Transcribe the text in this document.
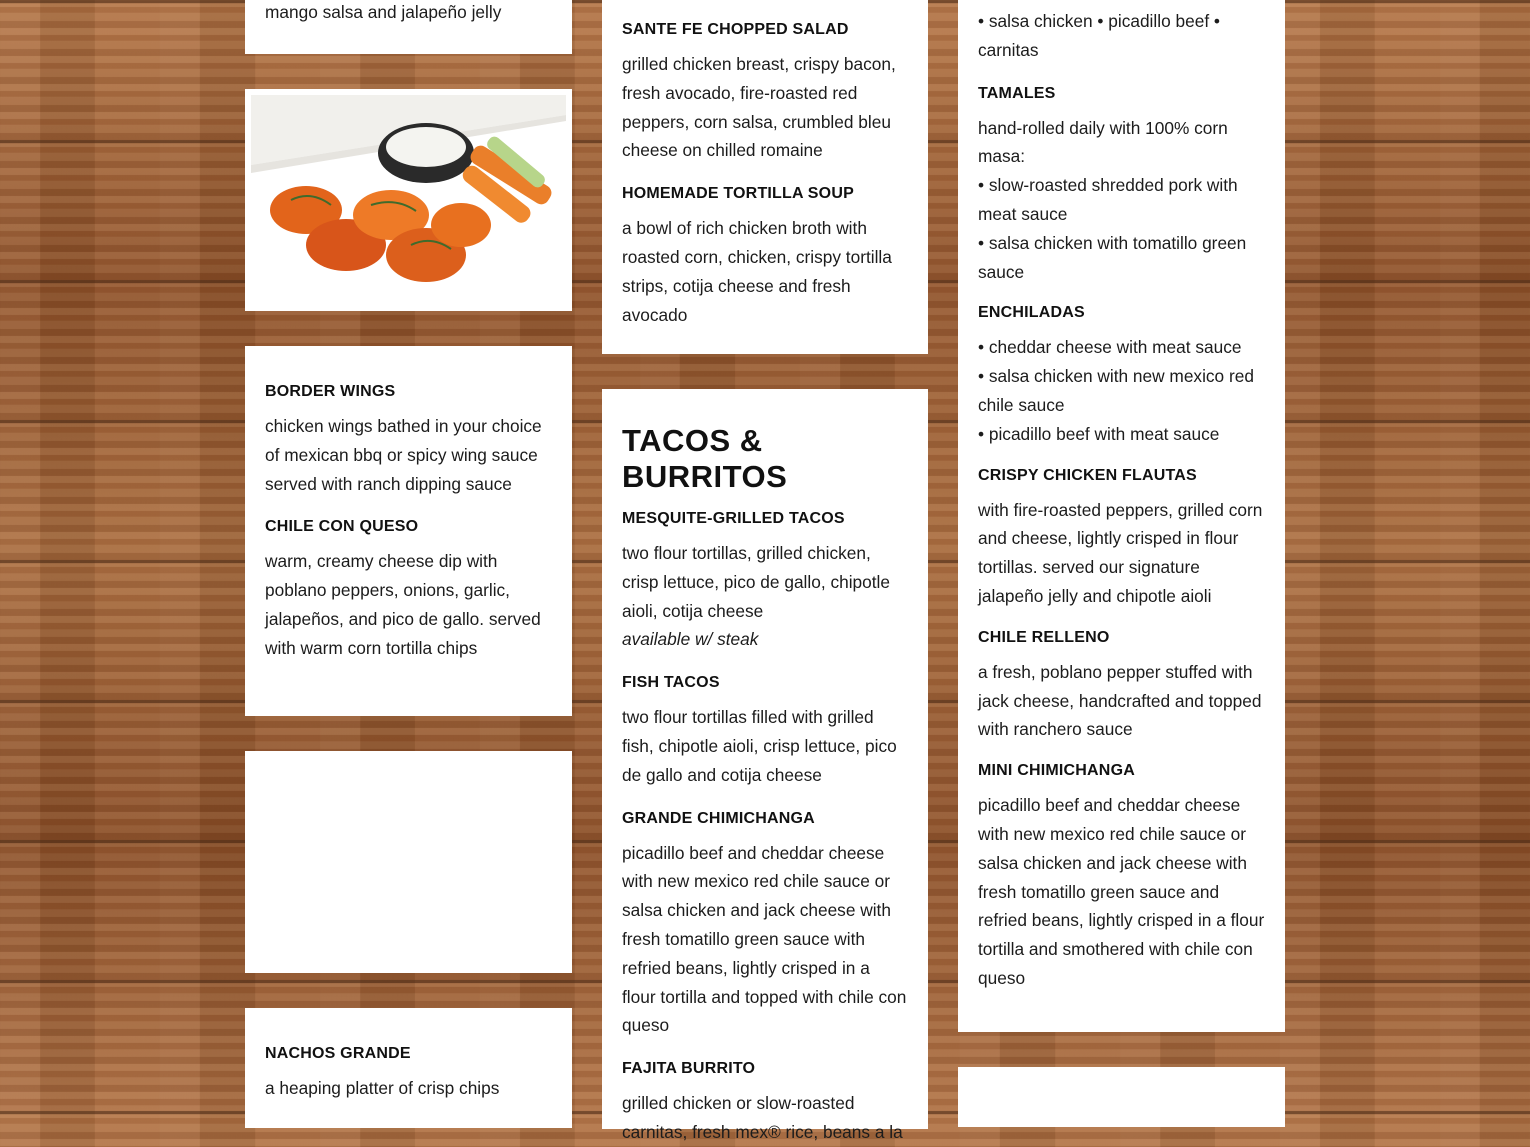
mango salsa and jalapeño jelly

BORDER WINGS

chicken wings bathed in your choice of mexican bbq or spicy wing sauce served with ranch dipping sauce

CHILE CON QUESO

warm, creamy cheese dip with poblano peppers, onions, garlic, jalapeños, and pico de gallo. served with warm corn tortilla chips

NACHOS GRANDE

a heaping platter of crisp chips

SANTE FE CHOPPED SALAD

grilled chicken breast, crispy bacon, fresh avocado, fire-roasted red peppers, corn salsa, crumbled bleu cheese on chilled romaine

HOMEMADE TORTILLA SOUP

a bowl of rich chicken broth with roasted corn, chicken, crispy tortilla strips, cotija cheese and fresh avocado

TACOS & BURRITOS
MESQUITE-GRILLED TACOS

two flour tortillas, grilled chicken, crisp lettuce, pico de gallo, chipotle aioli, cotija cheese

available w/ steak

FISH TACOS

two flour tortillas filled with grilled fish, chipotle aioli, crisp lettuce, pico de gallo and cotija cheese

GRANDE CHIMICHANGA

picadillo beef and cheddar cheese with new mexico red chile sauce or salsa chicken and jack cheese with fresh tomatillo green sauce with refried beans, lightly crisped in a flour tortilla and topped with chile con queso

FAJITA BURRITO

grilled chicken or slow-roasted carnitas, fresh mex® rice, beans a la

• salsa chicken • picadillo beef • carnitas

TAMALES

hand-rolled daily with 100% corn masa:

• slow-roasted shredded pork with meat sauce

• salsa chicken with tomatillo green sauce

ENCHILADAS

• cheddar cheese with meat sauce

• salsa chicken with new mexico red chile sauce

• picadillo beef with meat sauce

CRISPY CHICKEN FLAUTAS

with fire-roasted peppers, grilled corn and cheese, lightly crisped in flour tortillas. served our signature jalapeño jelly and chipotle aioli

CHILE RELLENO

a fresh, poblano pepper stuffed with jack cheese, handcrafted and topped with ranchero sauce

MINI CHIMICHANGA

picadillo beef and cheddar cheese with new mexico red chile sauce or salsa chicken and jack cheese with fresh tomatillo green sauce and refried beans, lightly crisped in a flour tortilla and smothered with chile con queso
